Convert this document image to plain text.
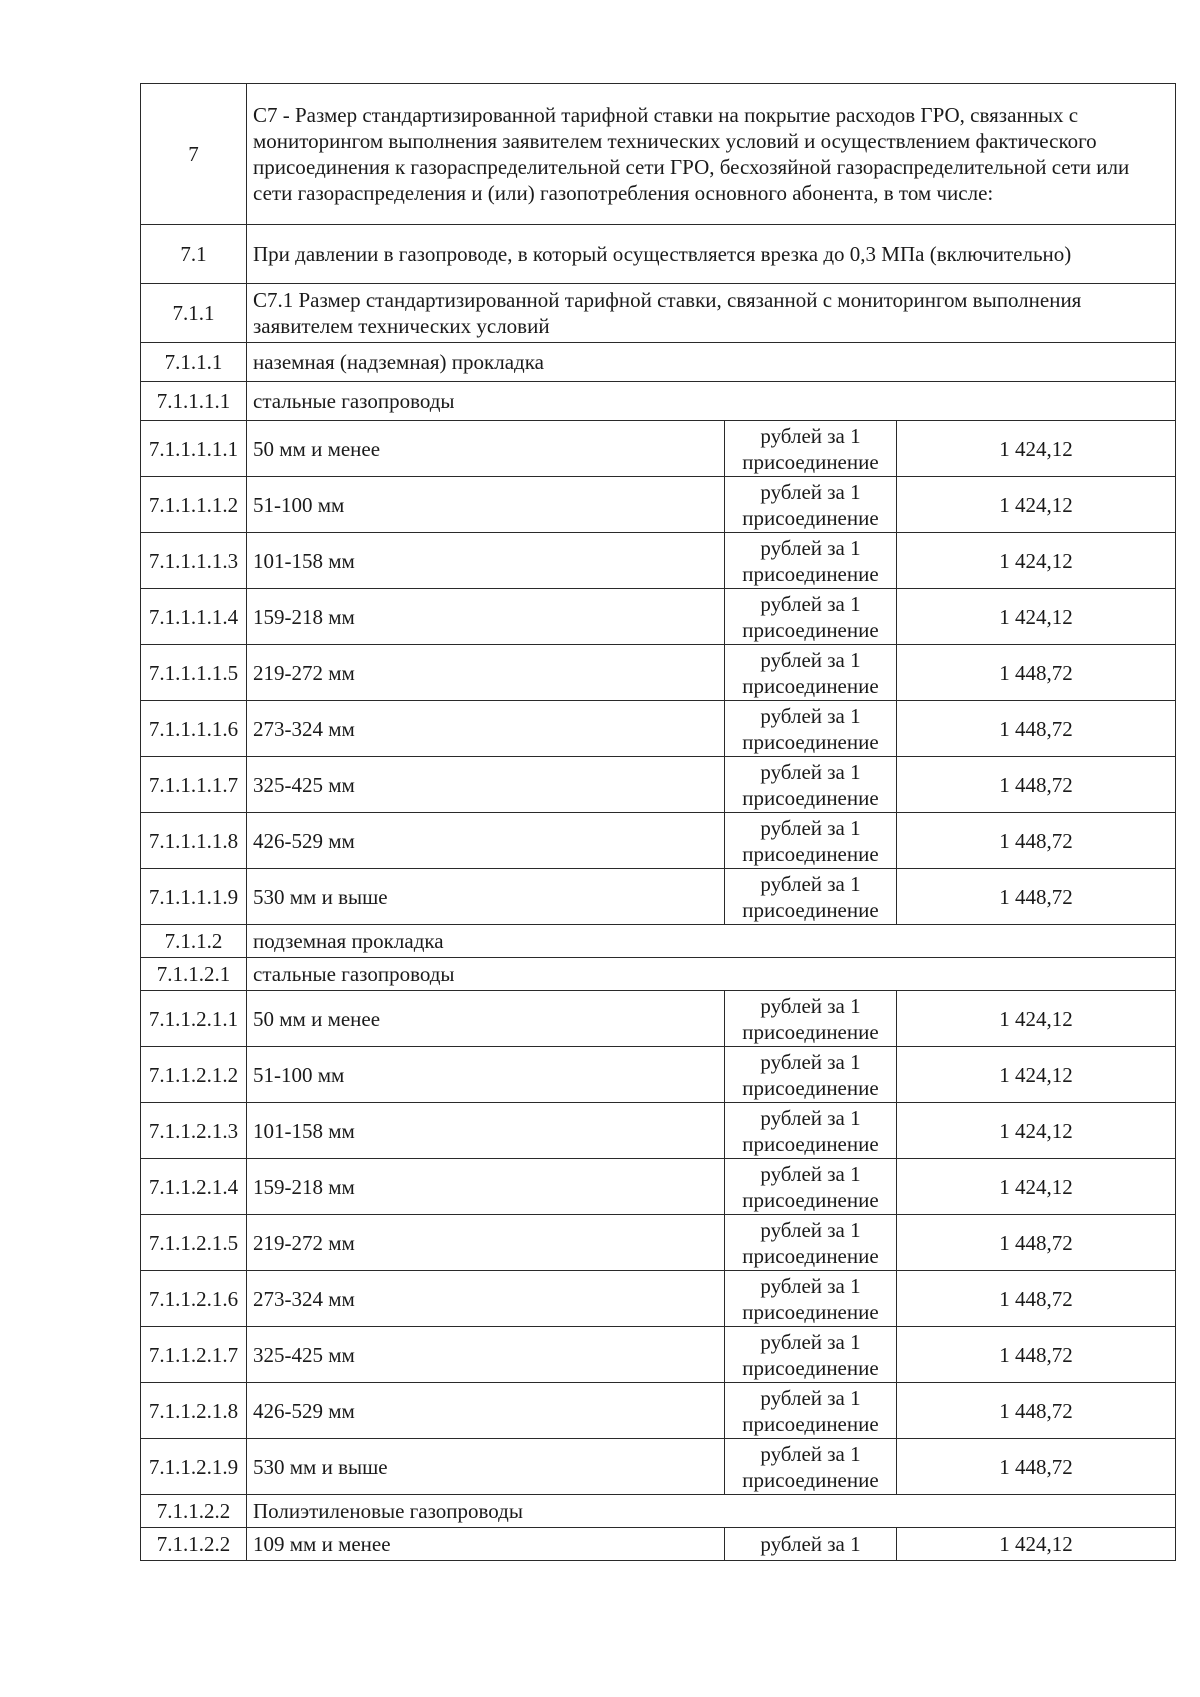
7	С7 - Размер стандартизированной тарифной ставки на покрытие расходов ГРО, связанных с мониторингом выполнения заявителем технических условий и осуществлением фактического присоединения к газораспределительной сети ГРО, бесхозяйной газораспределительной сети или сети газораспределения и (или) газопотребления основного абонента, в том числе:		
7.1	При давлении в газопроводе, в который осуществляется врезка до 0,3 МПа (включительно)		
7.1.1	С7.1 Размер стандартизированной тарифной ставки, связанной с мониторингом выполнения заявителем технических условий		
7.1.1.1	наземная (надземная) прокладка		
7.1.1.1.1	стальные газопроводы		
7.1.1.1.1.1	50 мм и менее	рублей за 1 присоединение	1 424,12
7.1.1.1.1.2	51-100 мм	рублей за 1 присоединение	1 424,12
7.1.1.1.1.3	101-158 мм	рублей за 1 присоединение	1 424,12
7.1.1.1.1.4	159-218 мм	рублей за 1 присоединение	1 424,12
7.1.1.1.1.5	219-272 мм	рублей за 1 присоединение	1 448,72
7.1.1.1.1.6	273-324 мм	рублей за 1 присоединение	1 448,72
7.1.1.1.1.7	325-425 мм	рублей за 1 присоединение	1 448,72
7.1.1.1.1.8	426-529 мм	рублей за 1 присоединение	1 448,72
7.1.1.1.1.9	530 мм и выше	рублей за 1 присоединение	1 448,72
7.1.1.2	подземная прокладка		
7.1.1.2.1	стальные газопроводы		
7.1.1.2.1.1	50 мм и менее	рублей за 1 присоединение	1 424,12
7.1.1.2.1.2	51-100 мм	рублей за 1 присоединение	1 424,12
7.1.1.2.1.3	101-158 мм	рублей за 1 присоединение	1 424,12
7.1.1.2.1.4	159-218 мм	рублей за 1 присоединение	1 424,12
7.1.1.2.1.5	219-272 мм	рублей за 1 присоединение	1 448,72
7.1.1.2.1.6	273-324 мм	рублей за 1 присоединение	1 448,72
7.1.1.2.1.7	325-425 мм	рублей за 1 присоединение	1 448,72
7.1.1.2.1.8	426-529 мм	рублей за 1 присоединение	1 448,72
7.1.1.2.1.9	530 мм и выше	рублей за 1 присоединение	1 448,72
7.1.1.2.2	Полиэтиленовые газопроводы		
7.1.1.2.2	109 мм и менее	рублей за 1	1 424,12
